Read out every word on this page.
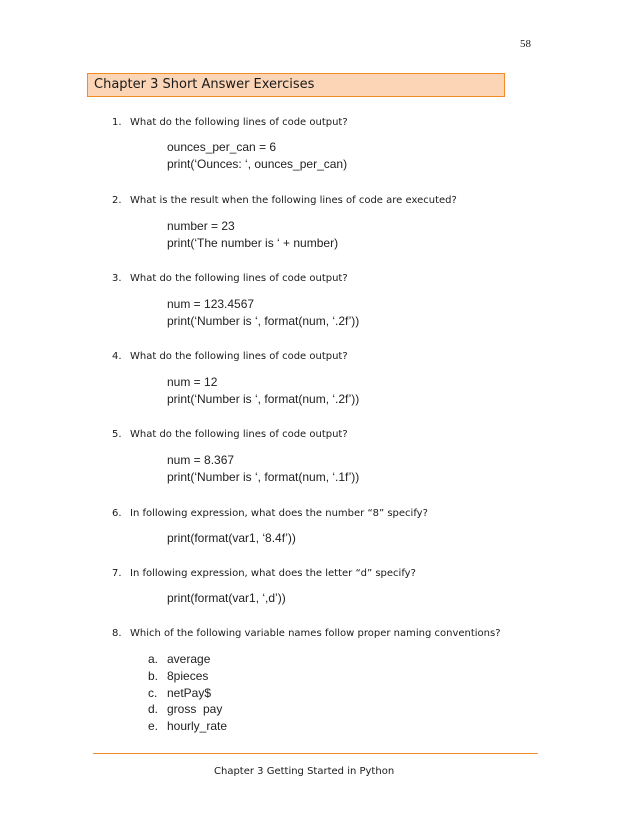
58
Chapter 3 Short Answer Exercises
1. What do the following lines of code output?
ounces_per_can = 6
print(‘Ounces: ‘, ounces_per_can)
2. What is the result when the following lines of code are executed?
number = 23
print(‘The number is ‘ + number)
3. What do the following lines of code output?
num = 123.4567
print(‘Number is ‘, format(num, ‘.2f’))
4. What do the following lines of code output?
num = 12
print(‘Number is ‘, format(num, ‘.2f’))
5. What do the following lines of code output?
num = 8.367
print(‘Number is ‘, format(num, ‘.1f’))
6. In following expression, what does the number “8” specify?
print(format(var1, ‘8.4f’))
7. In following expression, what does the letter “d” specify?
print(format(var1, ‘,d’))
8. Which of the following variable names follow proper naming conventions?
a. average
b. 8pieces
c. netPay$
d. gross  pay
e. hourly_rate
Chapter 3 Getting Started in Python
